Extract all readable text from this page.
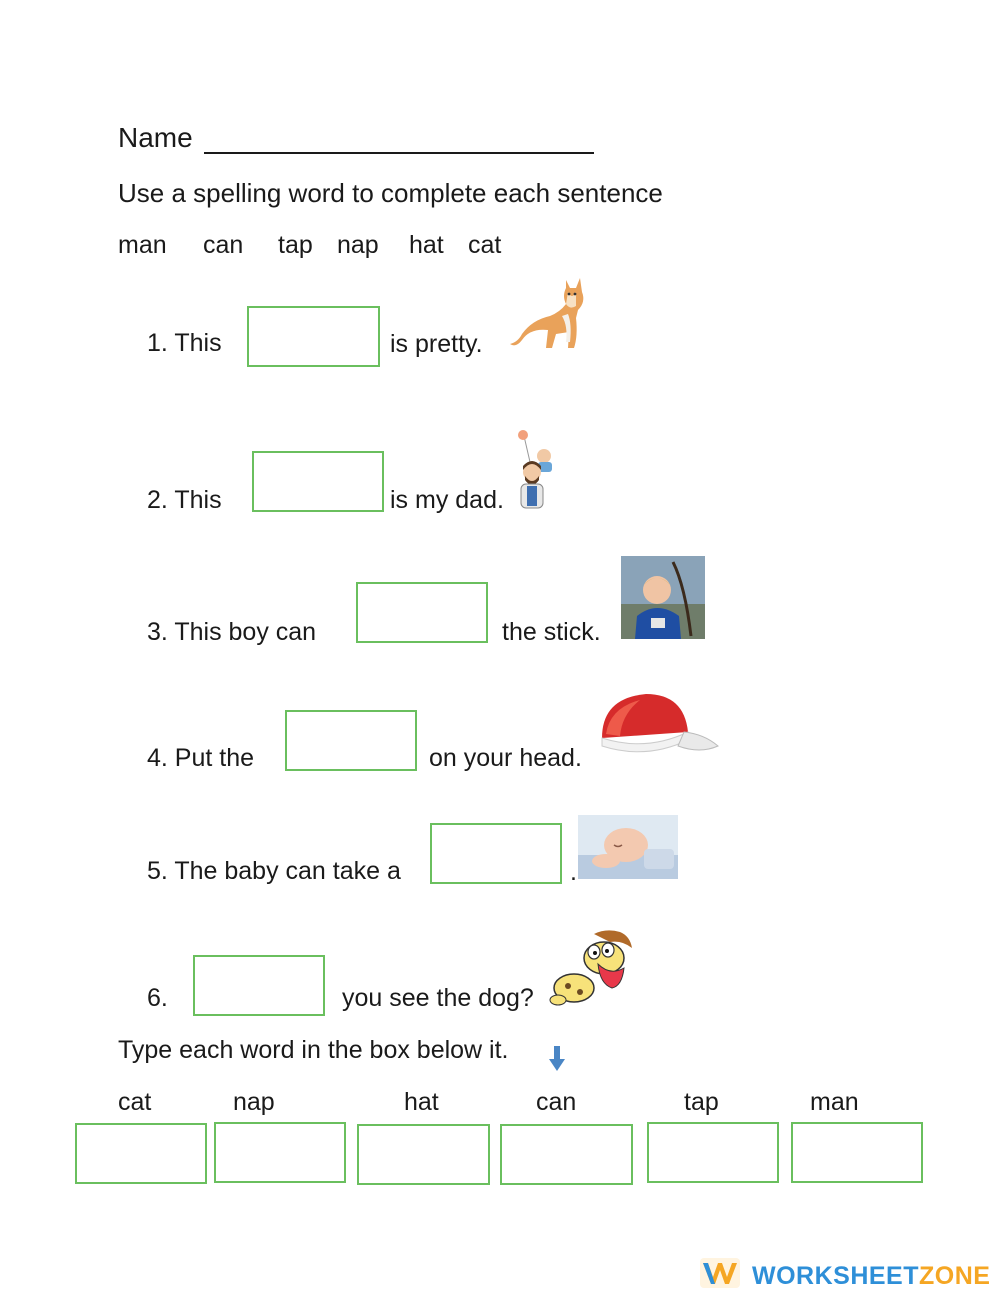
Name
Use a spelling word to complete each sentence
man can tap nap hat cat
1. This	is pretty.
2. This	is my dad.
3. This boy can	the stick.
4. Put the	on your head.
5. The baby can take a	.
6.	you see the dog?
Type each word in the box below it.
cat	nap	hat	can	tap	man
WORKSHEETZONE
